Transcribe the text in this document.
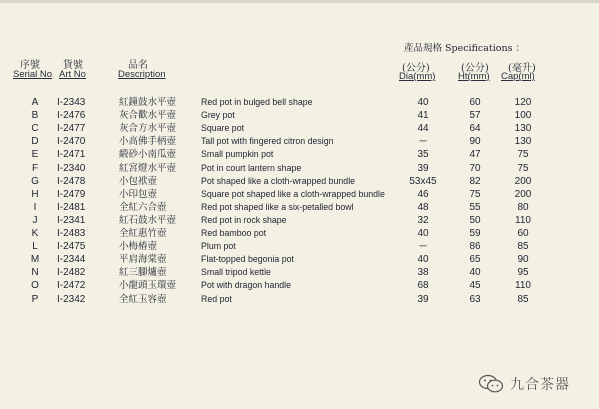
產品規格 Specifications ：
序號
Serial No
貨號
Art No
品名
Description
(公分)
Dia(mm)
(公分)
Ht(mm)
(毫升)
Cap(ml)
A	I-2343	紅鐘鼓水平壺	Red pot in bulged bell shape	40	60	120
B	I-2476	灰合歡水平壺	Grey pot	41	57	100
C	I-2477	灰合方水平壺	Square pot	44	64	130
D	I-2470	小高佛手柄壺	Tall pot with fingered citron design	─	90	130
E	I-2471	緞砂小南瓜壺	Small pumpkin pot	35	47	75
F	I-2340	紅宮燈水平壺	Pot in court lantern shape	39	70	75
G	I-2478	小包袱壺	Pot shaped like a cloth-wrapped bundle	53x45	82	200
H	I-2479	小印包壺	Square pot shaped like a cloth-wrapped bundle	46	75	200
I	I-2481	全紅六合壺	Red pot shaped like a six-petalled bowl	48	55	80
J	I-2341	紅石鼓水平壺	Red pot in rock shape	32	50	110
K	I-2483	全紅惠竹壺	Red bamboo pot	40	59	60
L	I-2475	小梅椿壺	Plum pot	─	86	85
M	I-2344	平肩海棠壺	Flat-topped begonia pot	40	65	90
N	I-2482	紅三腳爐壺	Small tripod kettle	38	40	95
O	I-2472	小龍頭玉環壺	Pot with dragon handle	68	45	110
P	I-2342	全紅玉容壺	Red pot	39	63	85
九合茶器
